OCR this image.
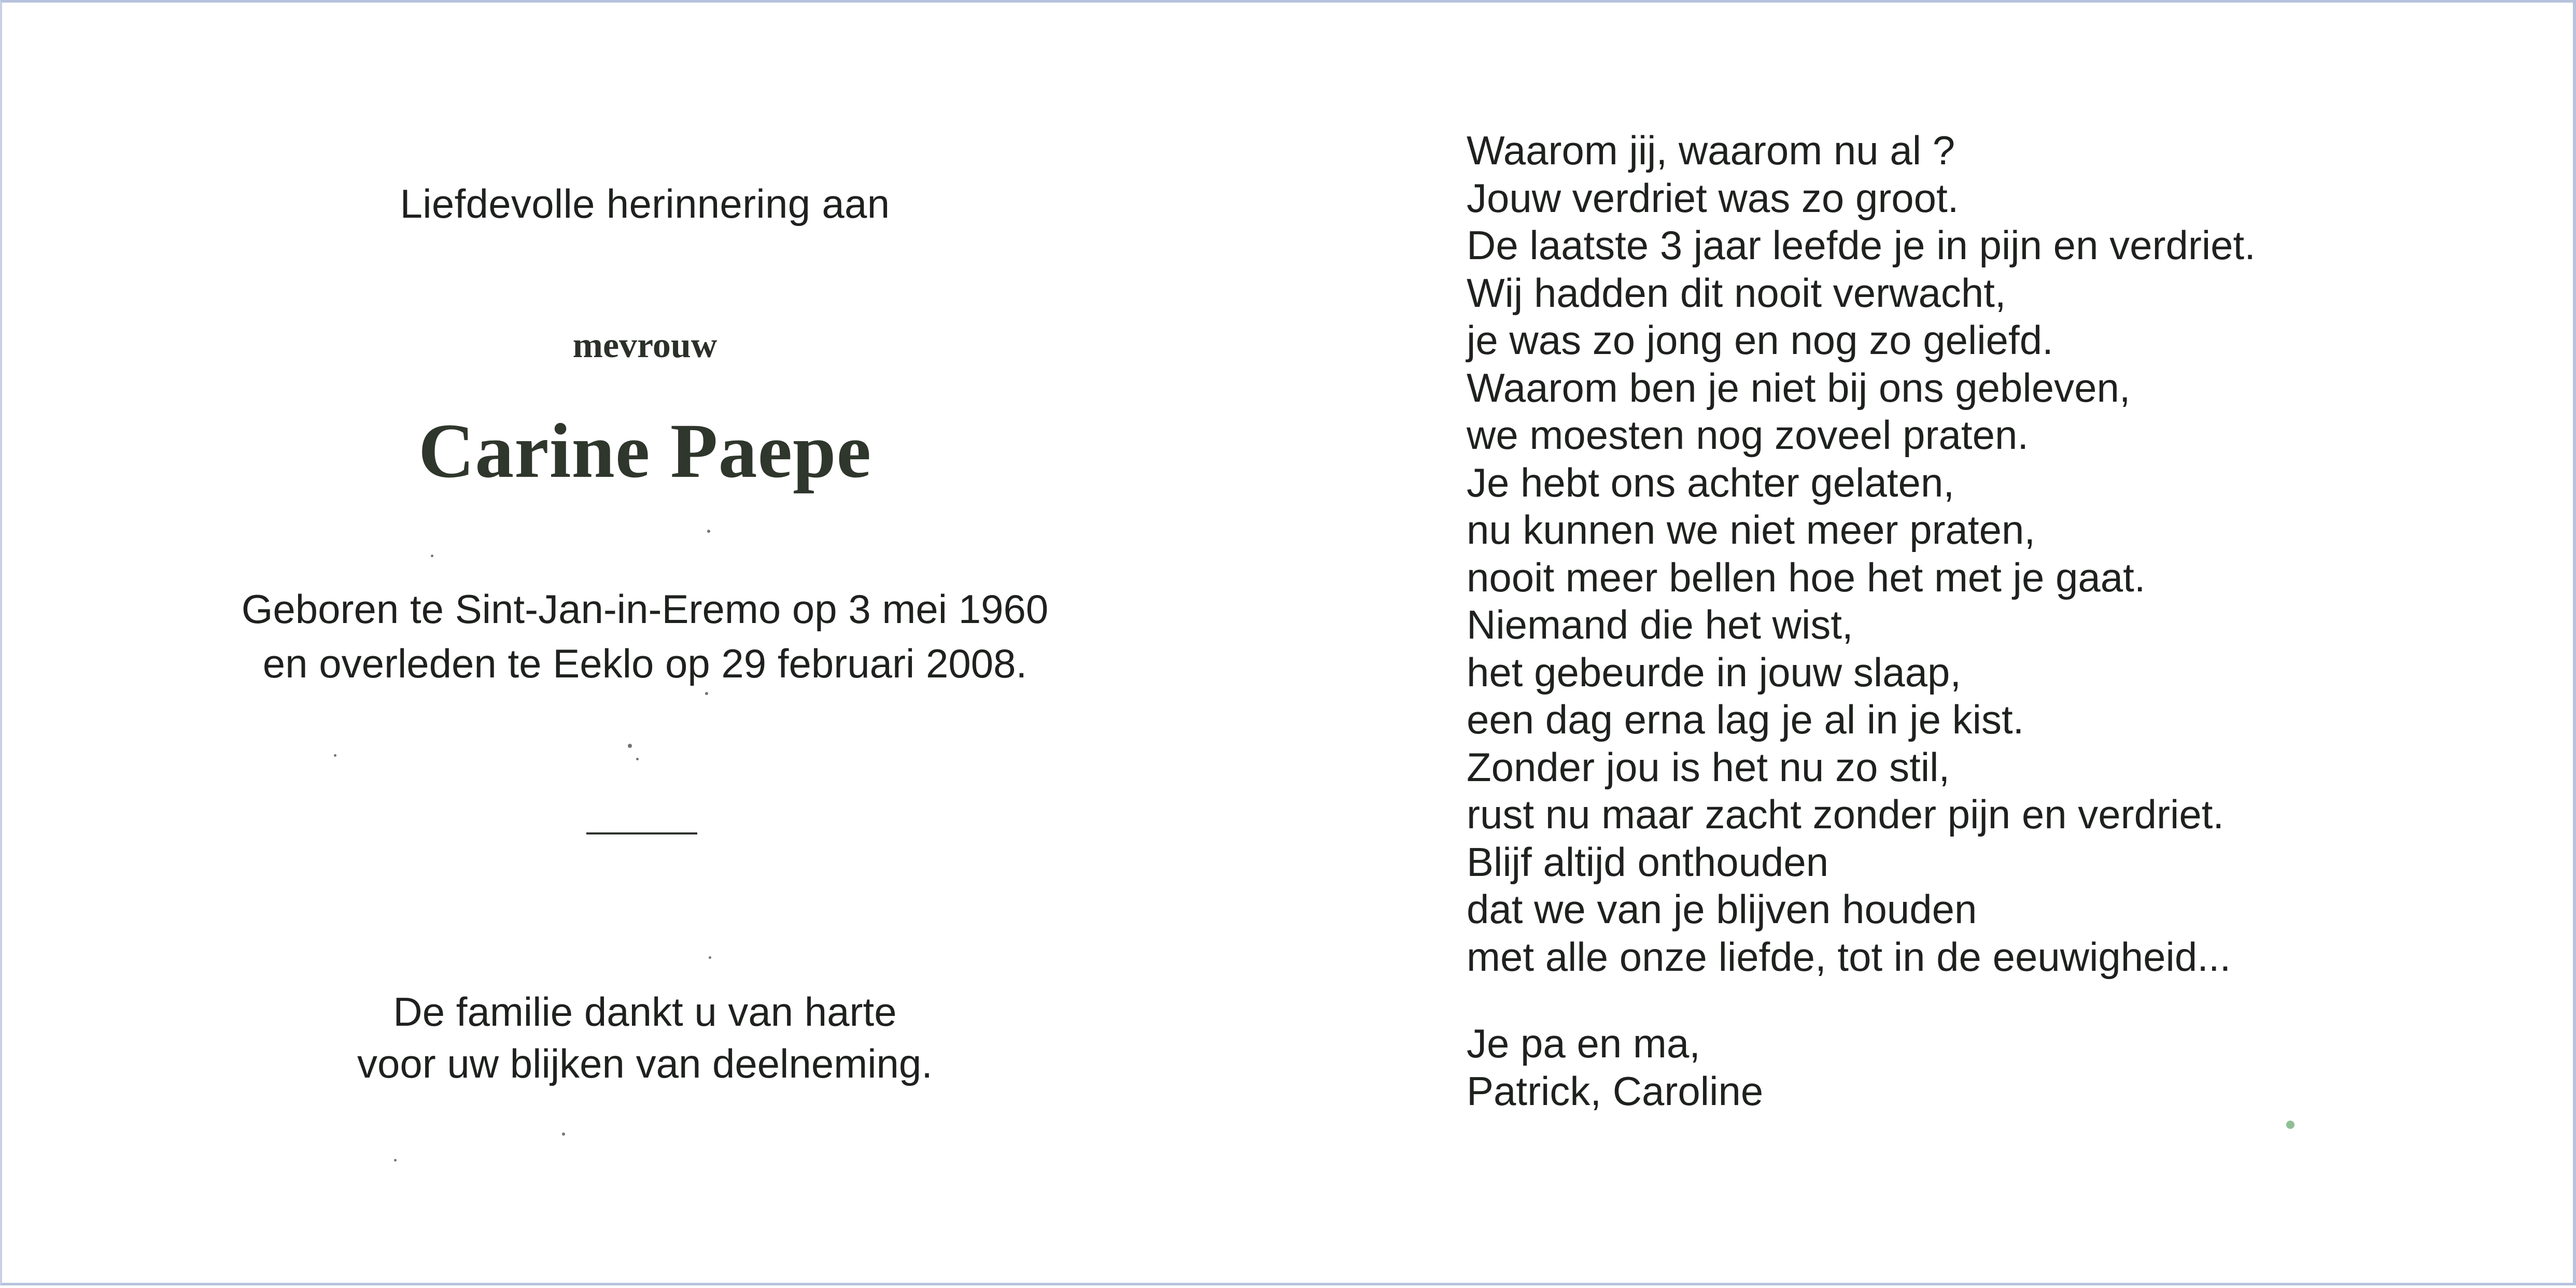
Liefdevolle herinnering aan
mevrouw
Carine Paepe
Geboren te Sint-Jan-in-Eremo op 3 mei 1960
en overleden te Eeklo op 29 februari 2008.
De familie dankt u van harte
voor uw blijken van deelneming.
Waarom jij, waarom nu al ?
Jouw verdriet was zo groot.
De laatste 3 jaar leefde je in pijn en verdriet.
Wij hadden dit nooit verwacht,
je was zo jong en nog zo geliefd.
Waarom ben je niet bij ons gebleven,
we moesten nog zoveel praten.
Je hebt ons achter gelaten,
nu kunnen we niet meer praten,
nooit meer bellen hoe het met je gaat.
Niemand die het wist,
het gebeurde in jouw slaap,
een dag erna lag je al in je kist.
Zonder jou is het nu zo stil,
rust nu maar zacht zonder pijn en verdriet.
Blijf altijd onthouden
dat we van je blijven houden
met alle onze liefde, tot in de eeuwigheid...
Je pa en ma,
Patrick, Caroline
